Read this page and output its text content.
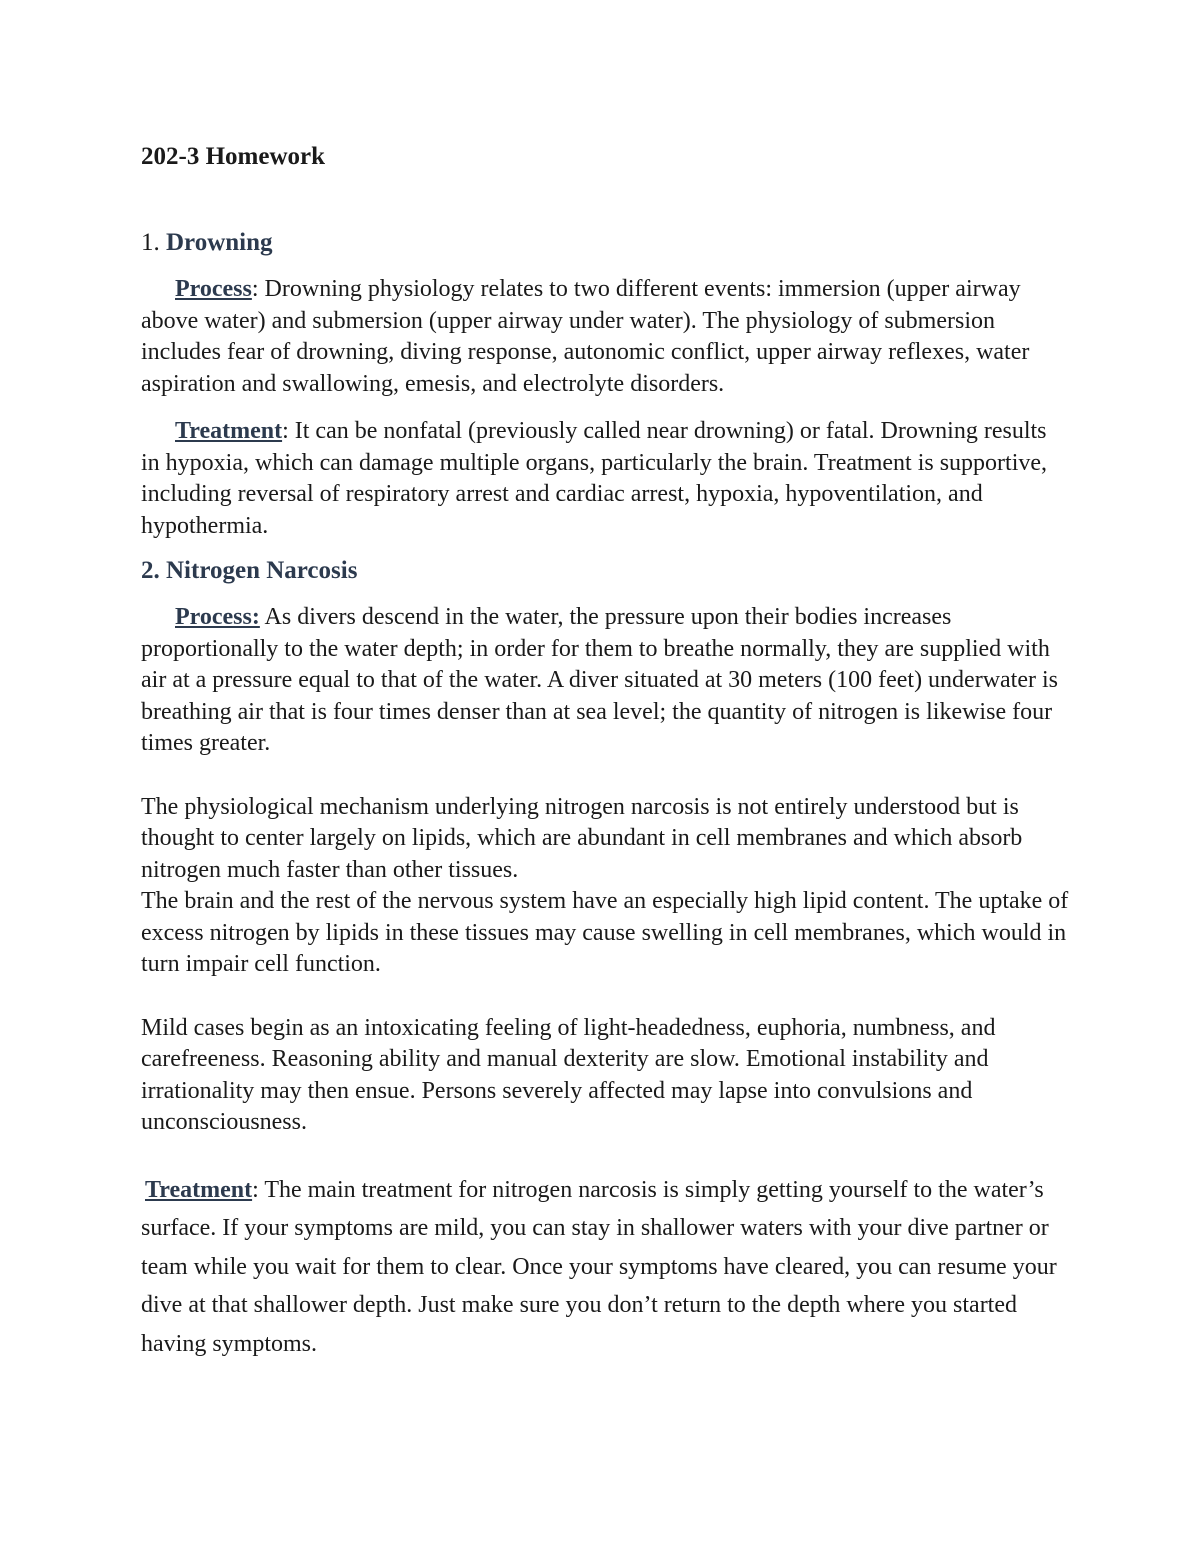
202-3 Homework
1. Drowning

Process: Drowning physiology relates to two different events: immersion (upper airway above water) and submersion (upper airway under water). The physiology of submersion includes fear of drowning, diving response, autonomic conflict, upper airway reflexes, water aspiration and swallowing, emesis, and electrolyte disorders.

Treatment: It can be nonfatal (previously called near drowning) or fatal. Drowning results in hypoxia, which can damage multiple organs, particularly the brain. Treatment is supportive, including reversal of respiratory arrest and cardiac arrest, hypoxia, hypoventilation, and hypothermia.

2. Nitrogen Narcosis

Process: As divers descend in the water, the pressure upon their bodies increases proportionally to the water depth; in order for them to breathe normally, they are supplied with air at a pressure equal to that of the water. A diver situated at 30 meters (100 feet) underwater is breathing air that is four times denser than at sea level; the quantity of nitrogen is likewise four times greater.

The physiological mechanism underlying nitrogen narcosis is not entirely understood but is thought to center largely on lipids, which are abundant in cell membranes and which absorb nitrogen much faster than other tissues.

The brain and the rest of the nervous system have an especially high lipid content. The uptake of excess nitrogen by lipids in these tissues may cause swelling in cell membranes, which would in turn impair cell function.

Mild cases begin as an intoxicating feeling of light-headedness, euphoria, numbness, and carefreeness. Reasoning ability and manual dexterity are slow. Emotional instability and irrationality may then ensue. Persons severely affected may lapse into convulsions and unconsciousness.

Treatment: The main treatment for nitrogen narcosis is simply getting yourself to the water’s surface. If your symptoms are mild, you can stay in shallower waters with your dive partner or team while you wait for them to clear. Once your symptoms have cleared, you can resume your dive at that shallower depth. Just make sure you don’t return to the depth where you started having symptoms.
